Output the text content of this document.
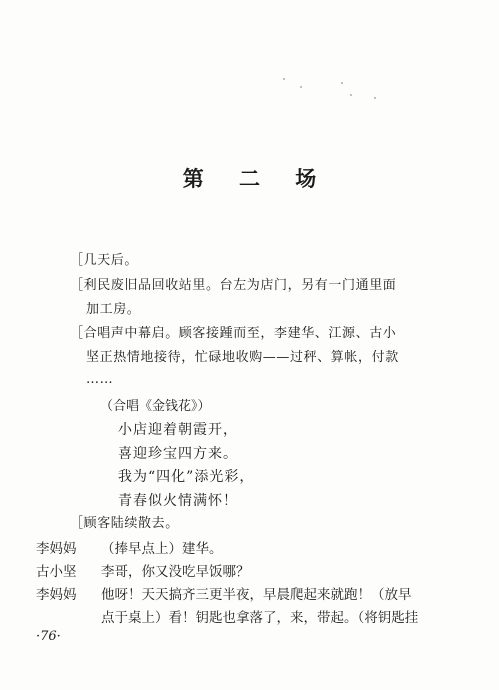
第 二 场
［几天后。
［利民废旧品回收站里。台左为店门，另有一门通里面
加工房。
［合唱声中幕启。顾客接踵而至，李建华、江源、古小
坚正热情地接待，忙碌地收购——过秤、算帐，付款
……
（合唱《金钱花》）
小店迎着朝霞开，
喜迎珍宝四方来。
我为“四化”添光彩，
青春似火情满怀！
［顾客陆续散去。
李妈妈 （捧早点上）建华。
古小坚 李哥，你又没吃早饭哪？
李妈妈 他呀！天天搞齐三更半夜，早晨爬起来就跑！（放早
点于桌上）看！钥匙也拿落了，来，带起。（将钥匙挂
·76·
